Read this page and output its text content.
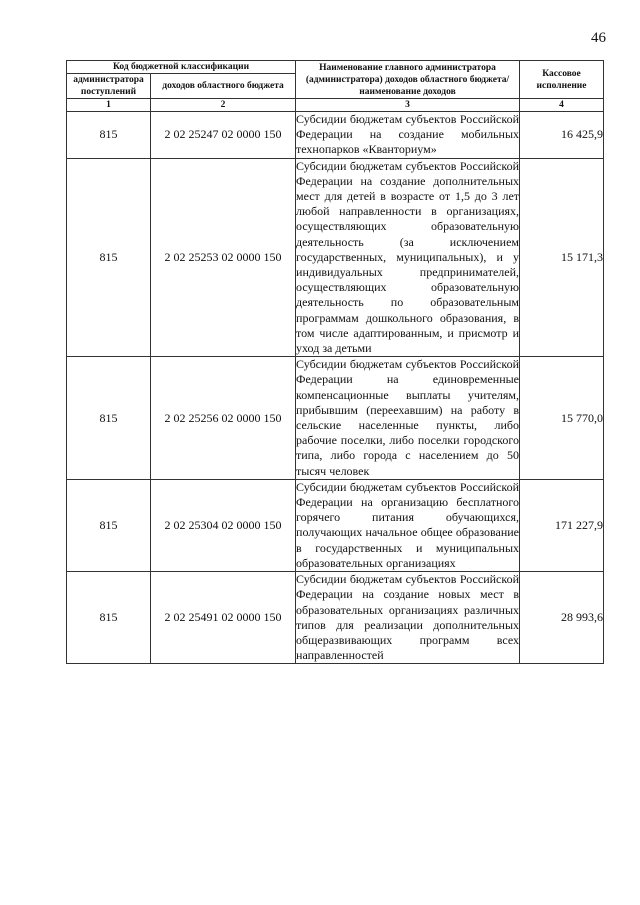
46
Код бюджетной классификации		Наименование главного администратора (администратора) доходов областного бюджета/ наименование доходов	Кассовое исполнение
администратора поступлений	доходов областного бюджета		
1	2	3	4
815	2 02 25247 02 0000 150	Субсидии бюджетам субъектов Российской Федерации на создание мобильных технопарков «Кванториум»	16 425,9
815	2 02 25253 02 0000 150	Субсидии бюджетам субъектов Российской Федерации на создание дополнительных мест для детей в возрасте от 1,5 до 3 лет любой направленности в организациях, осуществляющих образовательную деятельность (за исключением государственных, муниципальных), и у индивидуальных предпринимателей, осуществляющих образовательную деятельность по образовательным программам дошкольного образования, в том числе адаптированным, и присмотр и уход за детьми	15 171,3
815	2 02 25256 02 0000 150	Субсидии бюджетам субъектов Российской Федерации на единовременные компенсационные выплаты учителям, прибывшим (переехавшим) на работу в сельские населенные пункты, либо рабочие поселки, либо поселки городского типа, либо города с населением до 50 тысяч человек	15 770,0
815	2 02 25304 02 0000 150	Субсидии бюджетам субъектов Российской Федерации на организацию бесплатного горячего питания обучающихся, получающих начальное общее образование в государственных и муниципальных образовательных организациях	171 227,9
815	2 02 25491 02 0000 150	Субсидии бюджетам субъектов Российской Федерации на создание новых мест в образовательных организациях различных типов для реализации дополнительных общеразвивающих программ всех направленностей	28 993,6
